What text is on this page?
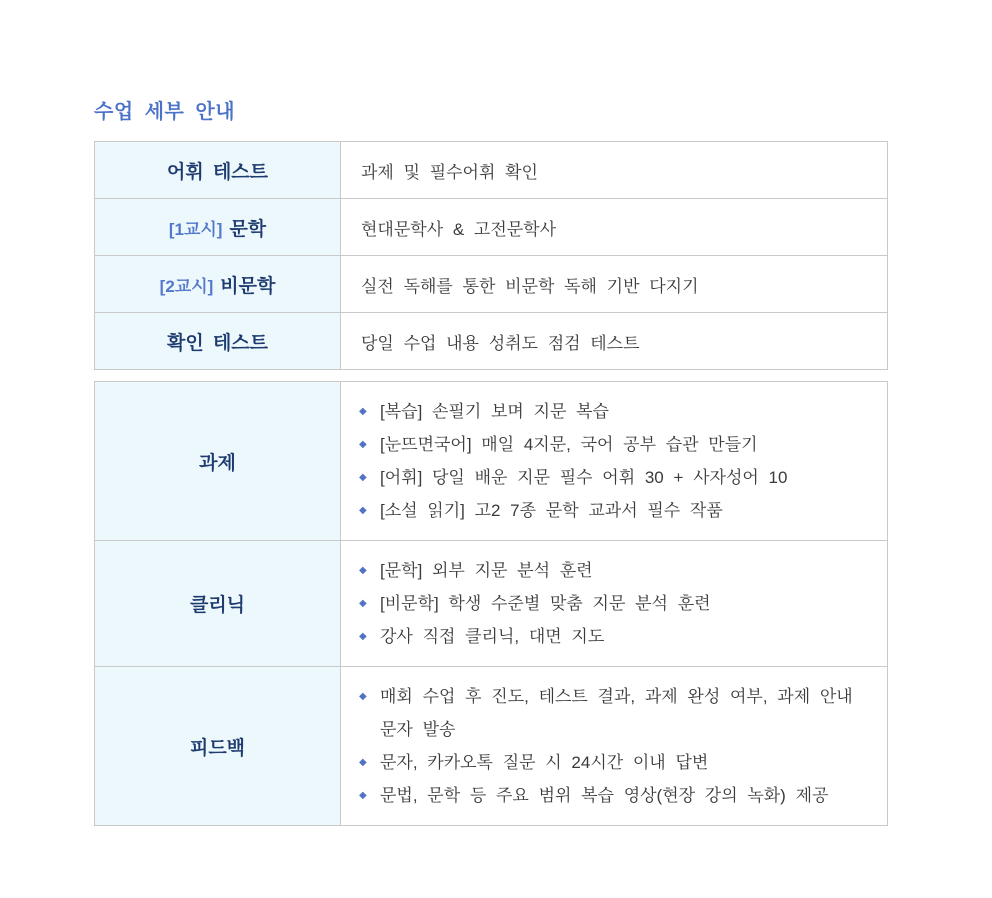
수업 세부 안내
어휘 테스트	과제 및 필수어휘 확인
[1교시] 문학	현대문학사 & 고전문학사
[2교시] 비문학	실전 독해를 통한 비문학 독해 기반 다지기
확인 테스트	당일 수업 내용 성취도 점검 테스트
과제	
◆ [복습] 손필기 보며 지문 복습
◆ [눈뜨면국어] 매일 4지문, 국어 공부 습관 만들기
◆ [어휘] 당일 배운 지문 필수 어휘 30 + 사자성어 10
◆ [소설 읽기] 고2 7종 문학 교과서 필수 작품

클리닉	
◆ [문학] 외부 지문 분석 훈련
◆ [비문학] 학생 수준별 맞춤 지문 분석 훈련
◆ 강사 직접 클리닉, 대면 지도

피드백	
◆ 매회 수업 후 진도, 테스트 결과, 과제 완성 여부, 과제 안내 문자 발송
◆ 문자, 카카오톡 질문 시 24시간 이내 답변
◆ 문법, 문학 등 주요 범위 복습 영상(현장 강의 녹화) 제공
